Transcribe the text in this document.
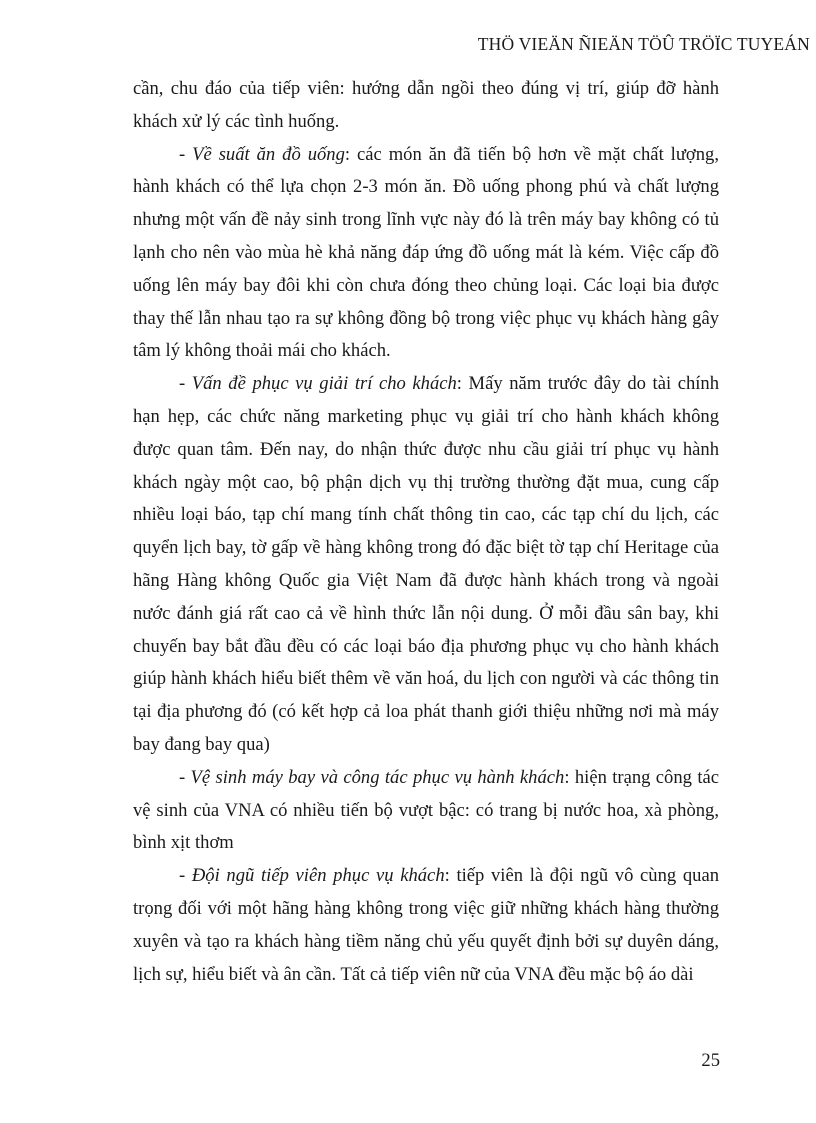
THÖ VIEÄN ÑIEÄN TÖÛ TRÖÏC TUYEÁN

cần, chu đáo của tiếp viên: hướng dẫn ngồi theo đúng vị trí, giúp đỡ hành khách xử lý các tình huống.

- Về suất ăn đồ uống: các món ăn đã tiến bộ hơn về mặt chất lượng, hành khách có thể lựa chọn 2-3 món ăn. Đồ uống phong phú và chất lượng nhưng một vấn đề nảy sinh trong lĩnh vực này đó là trên máy bay không có tủ lạnh cho nên vào mùa hè khả năng đáp ứng đồ uống mát là kém. Việc cấp đồ uống lên máy bay đôi khi còn chưa đóng theo chủng loại. Các loại bia được thay thế lẫn nhau tạo ra sự không đồng bộ trong việc phục vụ khách hàng gây tâm lý không thoải mái cho khách.

- Vấn đề phục vụ giải trí cho khách: Mấy năm trước đây do tài chính hạn hẹp, các chức năng marketing phục vụ giải trí cho hành khách không được quan tâm. Đến nay, do nhận thức được nhu cầu giải trí phục vụ hành khách ngày một cao, bộ phận dịch vụ thị trường thường đặt mua, cung cấp nhiều loại báo, tạp chí mang tính chất thông tin cao, các tạp chí du lịch, các quyển lịch bay, tờ gấp về hàng không trong đó đặc biệt tờ tạp chí Heritage của hãng Hàng không Quốc gia Việt Nam đã được hành khách trong và ngoài nước đánh giá rất cao cả về hình thức lẫn nội dung. Ở mỗi đầu sân bay, khi chuyến bay bắt đầu đều có các loại báo địa phương phục vụ cho hành khách giúp hành khách hiểu biết thêm về văn hoá, du lịch con người và các thông tin tại địa phương đó (có kết hợp cả loa phát thanh giới thiệu những nơi mà máy bay đang bay qua)

- Vệ sinh máy bay và công tác phục vụ hành khách: hiện trạng công tác vệ sinh của VNA có nhiều tiến bộ vượt bậc: có trang bị nước hoa, xà phòng, bình xịt thơm

- Đội ngũ tiếp viên phục vụ khách: tiếp viên là đội ngũ vô cùng quan trọng đối với một hãng hàng không trong việc giữ những khách hàng thường xuyên và tạo ra khách hàng tiềm năng chủ yếu quyết định bởi sự duyên dáng, lịch sự, hiểu biết và ân cần. Tất cả tiếp viên nữ của VNA đều mặc bộ áo dài

25
